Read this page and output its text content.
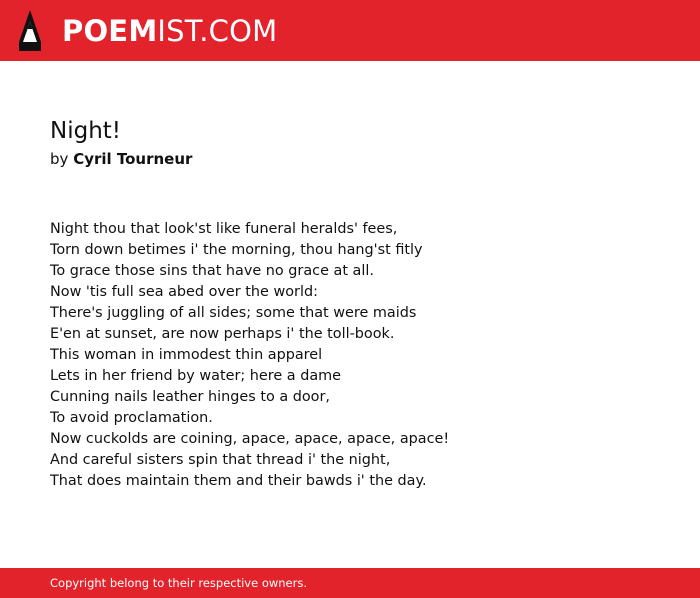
POEMIST.COM
Night!
by Cyril Tourneur
Night thou that look'st like funeral heralds' fees,
Torn down betimes i' the morning, thou hang'st fitly
To grace those sins that have no grace at all.
Now 'tis full sea abed over the world:
There's juggling of all sides; some that were maids
E'en at sunset, are now perhaps i' the toll-book.
This woman in immodest thin apparel
Lets in her friend by water; here a dame
Cunning nails leather hinges to a door,
To avoid proclamation.
Now cuckolds are coining, apace, apace, apace, apace!
And careful sisters spin that thread i' the night,
That does maintain them and their bawds i' the day.
Copyright belong to their respective owners.
